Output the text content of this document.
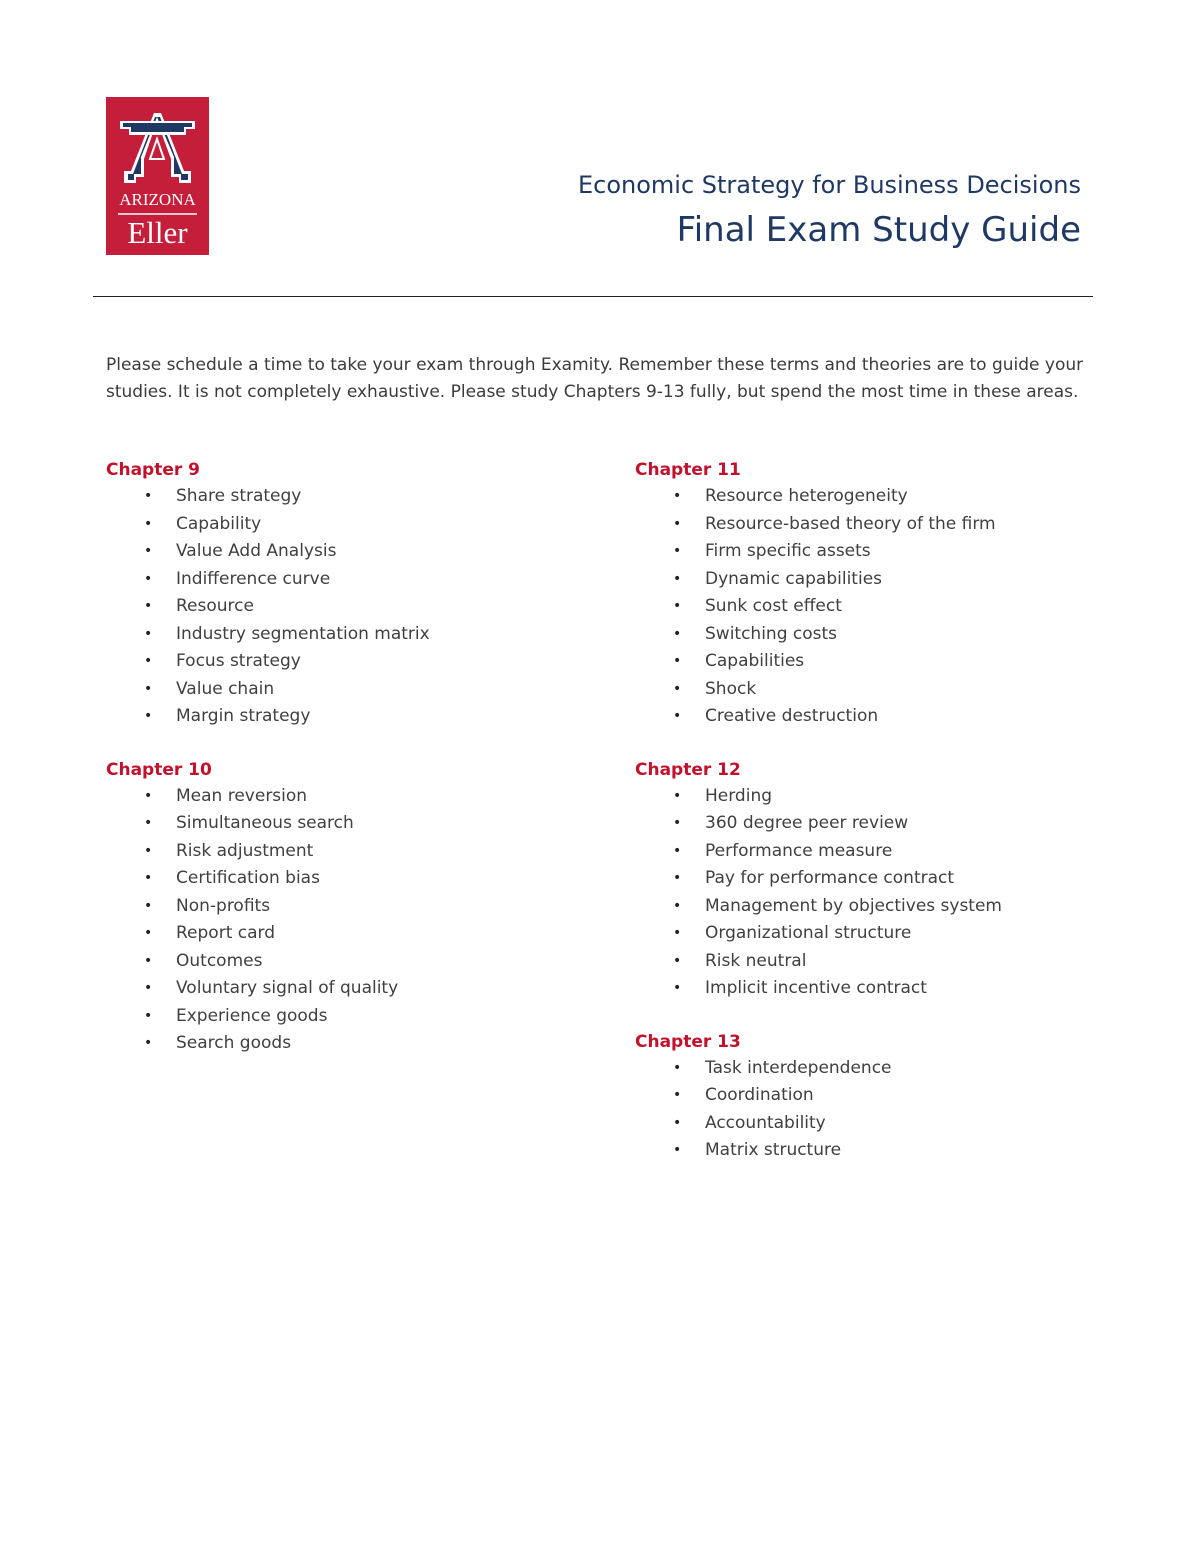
ARIZONA
Eller
Economic Strategy for Business Decisions
Final Exam Study Guide
Please schedule a time to take your exam through Examity. Remember these terms and theories are to guide your studies. It is not completely exhaustive. Please study Chapters 9-13 fully, but spend the most time in these areas.
Chapter 9
• Share strategy
• Capability
• Value Add Analysis
• Indifference curve
• Resource
• Industry segmentation matrix
• Focus strategy
• Value chain
• Margin strategy
Chapter 10
• Mean reversion
• Simultaneous search
• Risk adjustment
• Certification bias
• Non-profits
• Report card
• Outcomes
• Voluntary signal of quality
• Experience goods
• Search goods
Chapter 11
• Resource heterogeneity
• Resource-based theory of the firm
• Firm specific assets
• Dynamic capabilities
• Sunk cost effect
• Switching costs
• Capabilities
• Shock
• Creative destruction
Chapter 12
• Herding
• 360 degree peer review
• Performance measure
• Pay for performance contract
• Management by objectives system
• Organizational structure
• Risk neutral
• Implicit incentive contract
Chapter 13
• Task interdependence
• Coordination
• Accountability
• Matrix structure
